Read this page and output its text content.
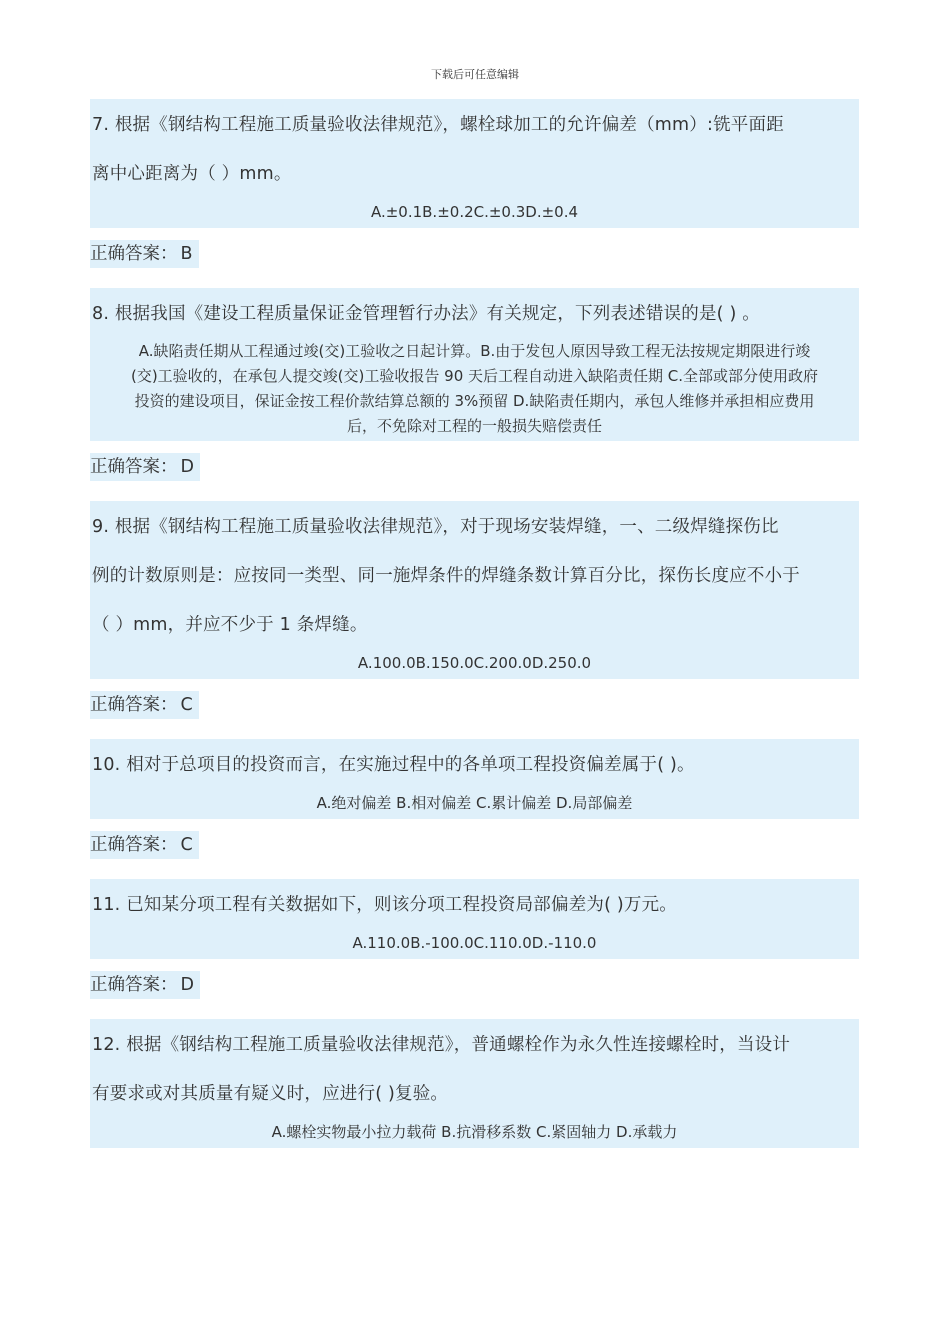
下载后可任意编辑
7. 根据《钢结构工程施工质量验收法律规范》，螺栓球加工的允许偏差（mm）:铣平面距
离中心距离为（ ）mm。
A.±0.1B.±0.2C.±0.3D.±0.4
正确答案： B
8. 根据我国《建设工程质量保证金管理暂行办法》有关规定，下列表述错误的是( ) 。
A.缺陷责任期从工程通过竣(交)工验收之日起计算。B.由于发包人原因导致工程无法按规定期限进行竣
(交)工验收的，在承包人提交竣(交)工验收报告 90 天后工程自动进入缺陷责任期 C.全部或部分使用政府
投资的建设项目，保证金按工程价款结算总额的 3%预留 D.缺陷责任期内，承包人维修并承担相应费用
后，不免除对工程的一般损失赔偿责任
正确答案： D
9. 根据《钢结构工程施工质量验收法律规范》，对于现场安装焊缝，一、二级焊缝探伤比
例的计数原则是：应按同一类型、同一施焊条件的焊缝条数计算百分比，探伤长度应不小于
（ ）mm，并应不少于 1 条焊缝。
A.100.0B.150.0C.200.0D.250.0
正确答案： C
10. 相对于总项目的投资而言，在实施过程中的各单项工程投资偏差属于( )。
A.绝对偏差 B.相对偏差 C.累计偏差 D.局部偏差
正确答案： C
11. 已知某分项工程有关数据如下，则该分项工程投资局部偏差为( )万元。
A.110.0B.-100.0C.110.0D.-110.0
正确答案： D
12. 根据《钢结构工程施工质量验收法律规范》，普通螺栓作为永久性连接螺栓时，当设计
有要求或对其质量有疑义时，应进行( )复验。
A.螺栓实物最小拉力载荷 B.抗滑移系数 C.紧固轴力 D.承载力
